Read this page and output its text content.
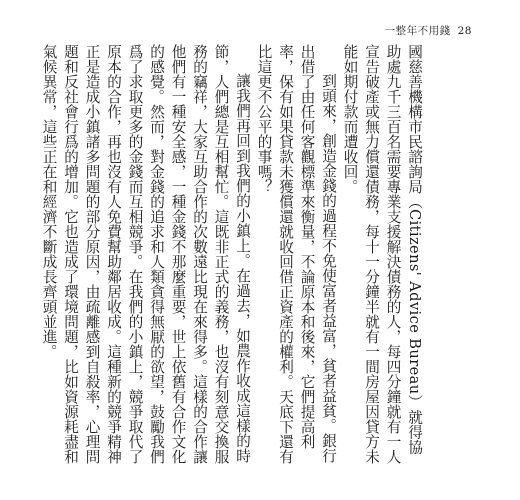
一整年不用錢 28

國慈善機構市民諮詢局（Citizens' Advice Bureau）就得協助處九千三百名需要專業支援解決債務的人，每四分鐘就有一人宣告破產或無力償還債務，每十一分鐘半就有一間房屋因貸方未能如期付款而遭收回。

到頭來，創造金錢的過程不免使富者益富，貧者益貧。銀行出借了由任何客觀標準來衡量，不論原本和後來，它們提高利率，保有如果貸款未獲償還就收回借正資產的權利。天底下還有比這更不公平的事嗎？

讓我們再回到我們的小鎮上。在過去，如農作收成這樣的時節，人們總是互相幫忙。這既非正式的義務，也沒有刻意交換服務的竊祥，大家互助合作的次數遠比現在來得多。這樣的合作讓他們有一種安全感，一種金錢不那麼重要，世上依舊有合作文化的感覺。然而，對金錢的追求和人類貪得無厭的欲望，鼓勵我們爲了求取更多的金錢而互相競爭。在我們的小鎮上，競爭取代了原本的合作，再也沒有人免費幫助鄰居收成。這種新的競爭精神正是造成小鎮諸多問題的部分原因，由疏離感到自殺率，心理問題和反社會行爲的增加。它也造成了環境問題，比如資源耗盡和氣候異常，這些正在和經濟不斷成長齊頭並進。
